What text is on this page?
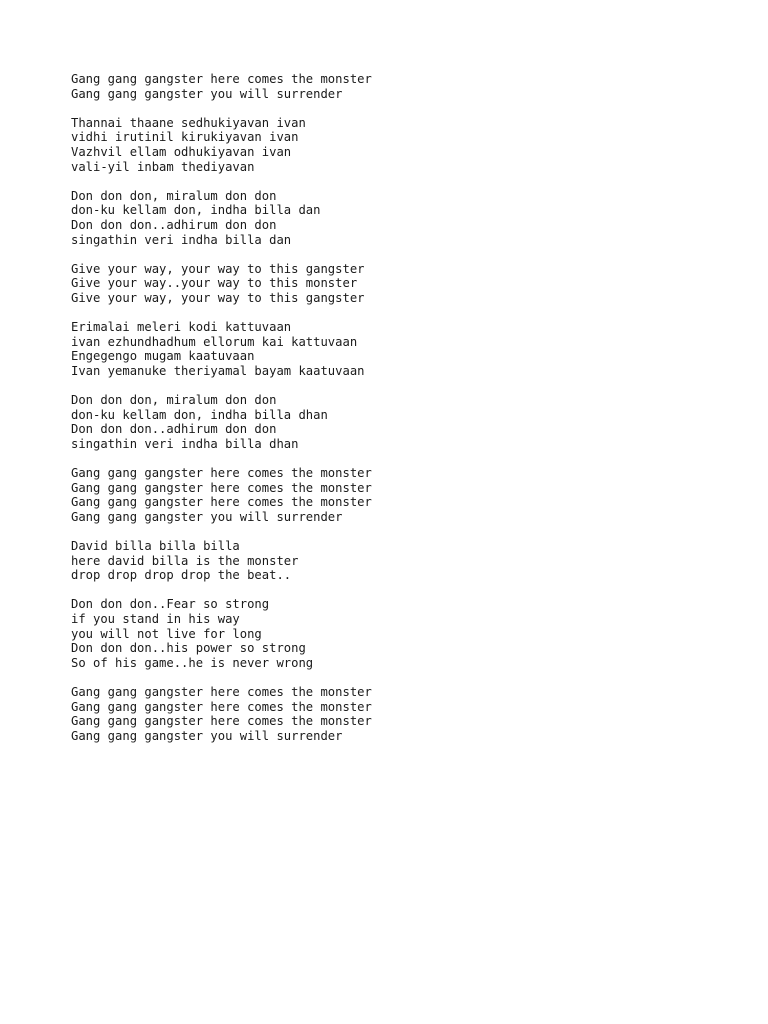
Gang gang gangster here comes the monster
Gang gang gangster you will surrender
Thannai thaane sedhukiyavan ivan
vidhi irutinil kirukiyavan ivan
Vazhvil ellam odhukiyavan ivan
vali-yil inbam thediyavan
Don don don, miralum don don
don-ku kellam don, indha billa dan
Don don don..adhirum don don
singathin veri indha billa dan
Give your way, your way to this gangster
Give your way..your way to this monster
Give your way, your way to this gangster
Erimalai meleri kodi kattuvaan
ivan ezhundhadhum ellorum kai kattuvaan
Engegengo mugam kaatuvaan
Ivan yemanuke theriyamal bayam kaatuvaan
Don don don, miralum don don
don-ku kellam don, indha billa dhan
Don don don..adhirum don don
singathin veri indha billa dhan
Gang gang gangster here comes the monster
Gang gang gangster here comes the monster
Gang gang gangster here comes the monster
Gang gang gangster you will surrender
David billa billa billa
here david billa is the monster
drop drop drop drop the beat..
Don don don..Fear so strong
if you stand in his way
you will not live for long
Don don don..his power so strong
So of his game..he is never wrong
Gang gang gangster here comes the monster
Gang gang gangster here comes the monster
Gang gang gangster here comes the monster
Gang gang gangster you will surrender
